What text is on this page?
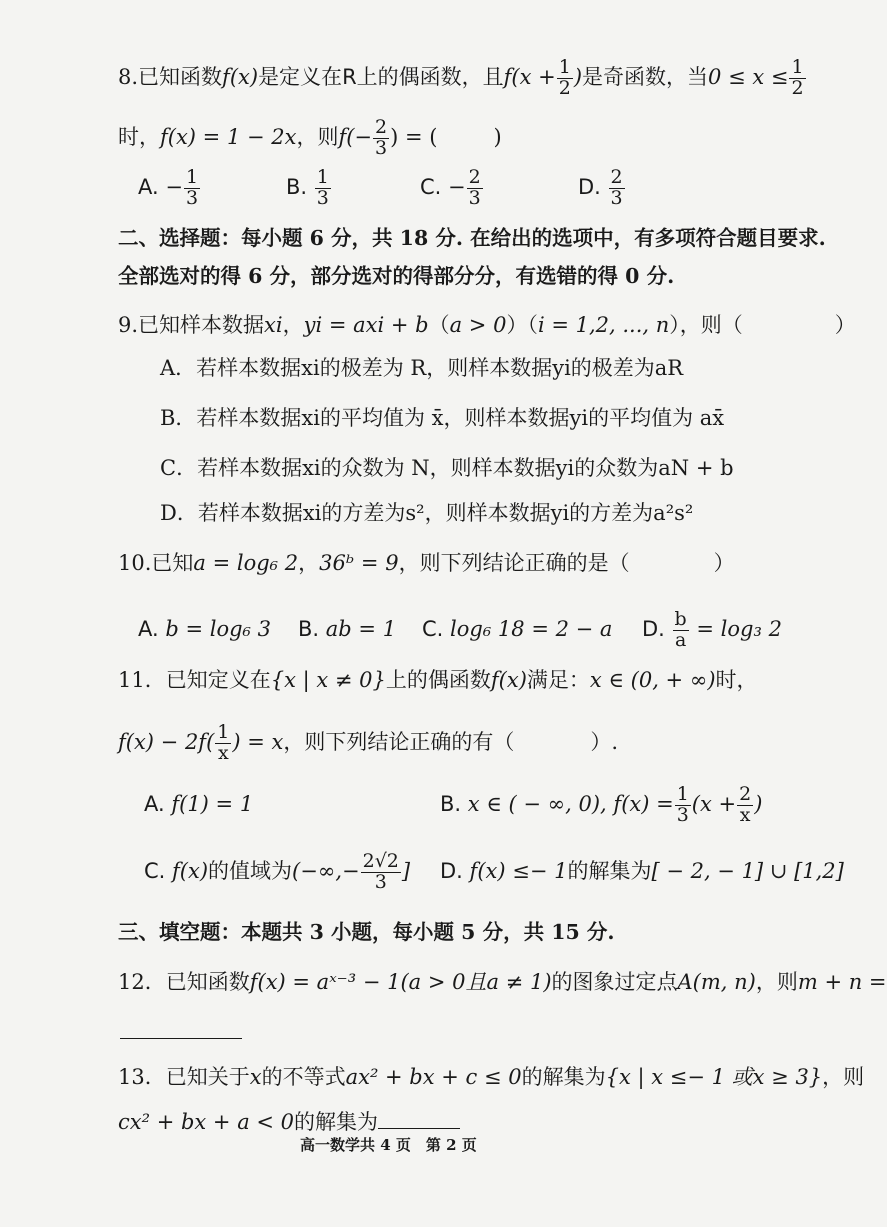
8.已知函数f(x)是定义在R上的偶函数，且$f(x + \frac{1}{2}$ )是奇函数，当$0 \le x \le \frac{1}{2}$
时，f(x) = 1 − 2x，则$f(- \frac{2}{3}$ ) = (	)
A. − $\frac{1}{3}$	B. $\frac{1}{3}$	C. − $\frac{2}{3}$	D. $\frac{2}{3}$
二、选择题：每小题 6 分，共 18 分. 在给出的选项中，有多项符合题目要求.
全部选对的得 6 分，部分选对的得部分分，有选错的得 0 分.
9.已知样本数据xi，yi = axi + b（a > 0）（i = 1,2, ..., n），则（	）
A．若样本数据xi的极差为 R，则样本数据yi的极差为aR
B．若样本数据xi的平均值为 x̄，则样本数据yi的平均值为 ax̄
C．若样本数据xi的众数为 N，则样本数据yi的众数为aN + b
D．若样本数据xi的方差为s²，则样本数据yi的方差为a²s²
10.已知a = log₆ 2，36ᵇ = 9，则下列结论正确的是（	）
A. b = log₆ 3 B. ab = 1 C. log₆ 18 = 2 − a D. $\frac{b}{a} = \log_3$ 2
11．已知定义在{x | x ≠ 0}上的偶函数f(x)满足：x ∈ (0, + ∞)时，
$f(x) - 2f( \frac{1}{x}$ ) = x，则下列结论正确的有（	）.
A. f(1) = 1	B. x ∈ ( − ∞, 0), $f(x) = \frac{1}{3} (x + \frac{2}{x}$ )
C. f(x)的值域为(−∞,− $\frac{2√2}{3}$ ] D. f(x) ≤− 1的解集为[ − 2, − 1] ∪ [1,2]
三、填空题：本题共 3 小题，每小题 5 分，共 15 分.
12．已知函数f(x) = aˣ⁻³ − 1(a > 0且a ≠ 1)的图象过定点A(m, n)，则m + n =
13．已知关于x的不等式ax² + bx + c ≤ 0的解集为{x | x ≤− 1 或x ≥ 3}，则
cx² + bx + a < 0的解集为
高一数学共 4 页　第 2 页
